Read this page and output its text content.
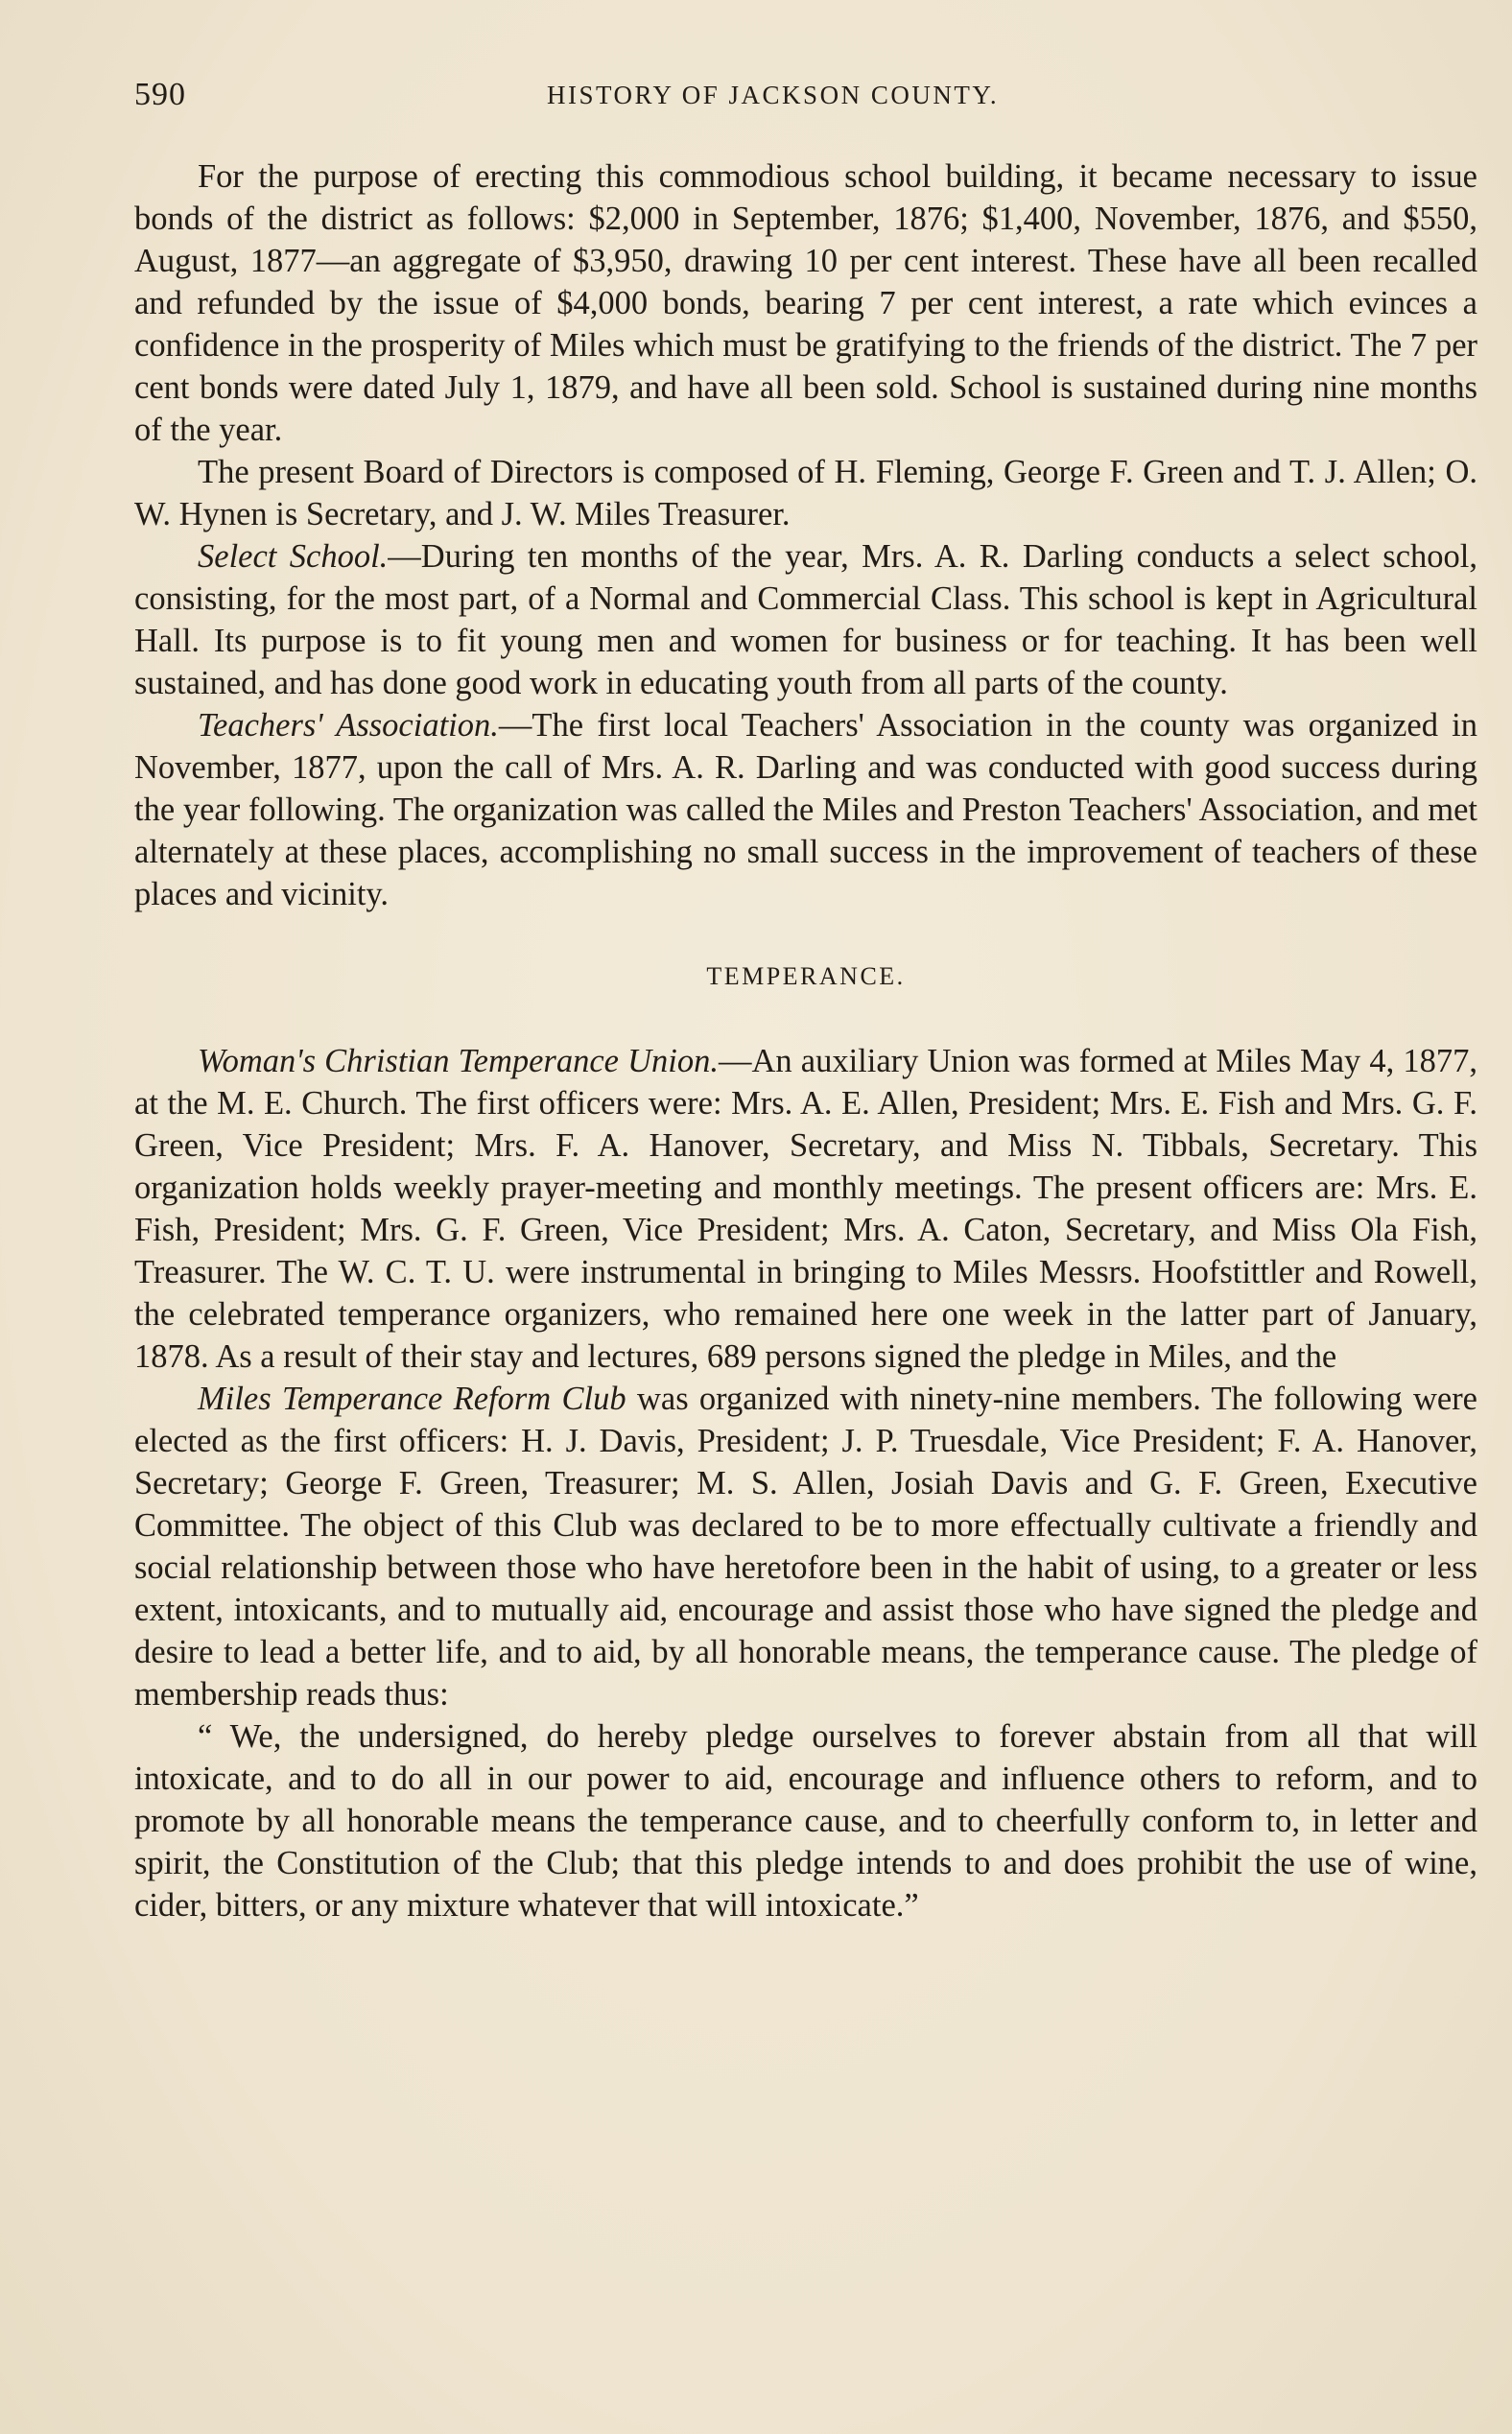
590	HISTORY OF JACKSON COUNTY.

For the purpose of erecting this commodious school building, it became necessary to issue bonds of the district as follows: $2,000 in September, 1876; $1,400, November, 1876, and $550, August, 1877—an aggregate of $3,950, drawing 10 per cent interest. These have all been recalled and refunded by the issue of $4,000 bonds, bearing 7 per cent interest, a rate which evinces a confidence in the prosperity of Miles which must be gratifying to the friends of the district. The 7 per cent bonds were dated July 1, 1879, and have all been sold. School is sustained during nine months of the year.

The present Board of Directors is composed of H. Fleming, George F. Green and T. J. Allen; O. W. Hynen is Secretary, and J. W. Miles Treasurer.

Select School.—During ten months of the year, Mrs. A. R. Darling conducts a select school, consisting, for the most part, of a Normal and Commercial Class. This school is kept in Agricultural Hall. Its purpose is to fit young men and women for business or for teaching. It has been well sustained, and has done good work in educating youth from all parts of the county.

Teachers' Association.—The first local Teachers' Association in the county was organized in November, 1877, upon the call of Mrs. A. R. Darling and was conducted with good success during the year following. The organization was called the Miles and Preston Teachers' Association, and met alternately at these places, accomplishing no small success in the improvement of teachers of these places and vicinity.

TEMPERANCE.

Woman's Christian Temperance Union.—An auxiliary Union was formed at Miles May 4, 1877, at the M. E. Church. The first officers were: Mrs. A. E. Allen, President; Mrs. E. Fish and Mrs. G. F. Green, Vice President; Mrs. F. A. Hanover, Secretary, and Miss N. Tibbals, Secretary. This organization holds weekly prayer-meeting and monthly meetings. The present officers are: Mrs. E. Fish, President; Mrs. G. F. Green, Vice President; Mrs. A. Caton, Secretary, and Miss Ola Fish, Treasurer. The W. C. T. U. were instrumental in bringing to Miles Messrs. Hoofstittler and Rowell, the celebrated temperance organizers, who remained here one week in the latter part of January, 1878. As a result of their stay and lectures, 689 persons signed the pledge in Miles, and the

Miles Temperance Reform Club was organized with ninety-nine members. The following were elected as the first officers: H. J. Davis, President; J. P. Truesdale, Vice President; F. A. Hanover, Secretary; George F. Green, Treasurer; M. S. Allen, Josiah Davis and G. F. Green, Executive Committee. The object of this Club was declared to be to more effectually cultivate a friendly and social relationship between those who have heretofore been in the habit of using, to a greater or less extent, intoxicants, and to mutually aid, encourage and assist those who have signed the pledge and desire to lead a better life, and to aid, by all honorable means, the temperance cause. The pledge of membership reads thus:

“ We, the undersigned, do hereby pledge ourselves to forever abstain from all that will intoxicate, and to do all in our power to aid, encourage and influence others to reform, and to promote by all honorable means the temperance cause, and to cheerfully conform to, in letter and spirit, the Constitution of the Club; that this pledge intends to and does prohibit the use of wine, cider, bitters, or any mixture whatever that will intoxicate.”
